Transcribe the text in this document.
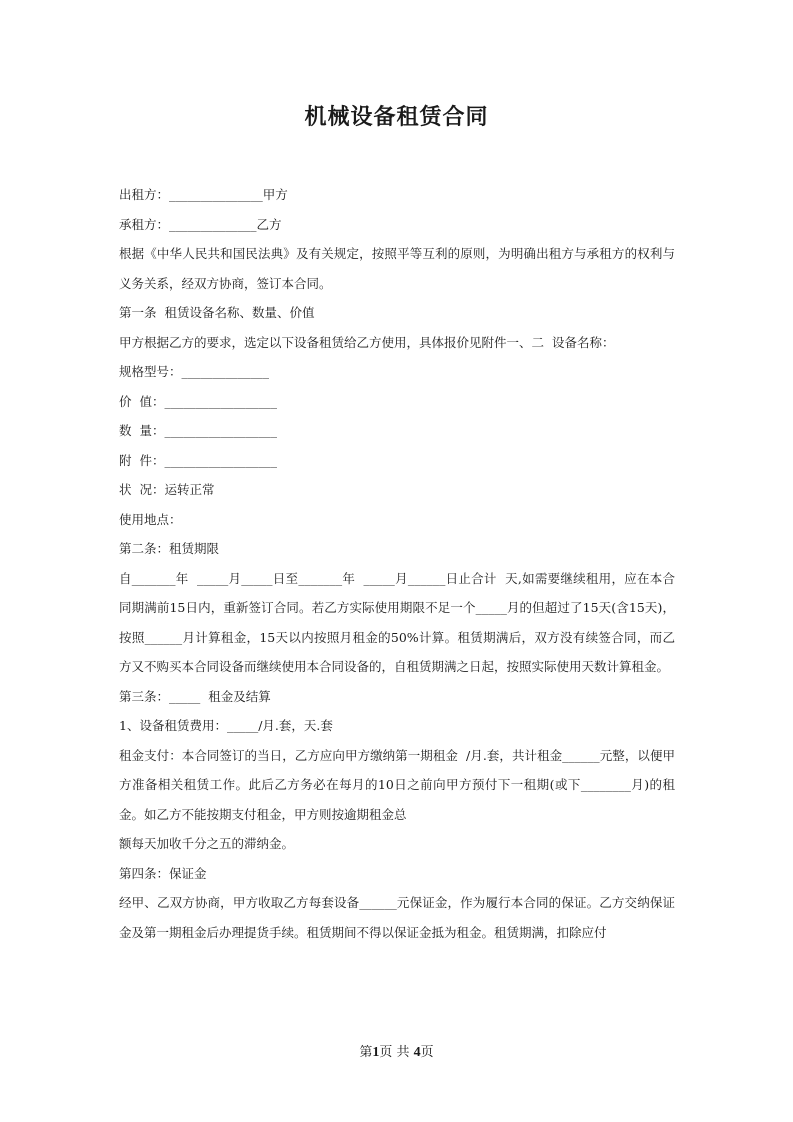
机械设备租赁合同

出租方：_______________甲方

承租方：______________乙方

根据《中华人民共和国民法典》及有关规定，按照平等互利的原则，为明确出租方与承租方的权利与义务关系，经双方协商，签订本合同。

第一条  租赁设备名称、数量、价值

甲方根据乙方的要求，选定以下设备租赁给乙方使用，具体报价见附件一、二  设备名称：

规格型号：______________

价  值：__________________

数  量：__________________

附  件：__________________

状  况：运转正常

使用地点：

第二条：租赁期限

自_______年  _____月_____日至_______年  _____月______日止合计  天,如需要继续租用，应在本合同期满前15日内，重新签订合同。若乙方实际使用期限不足一个_____月的但超过了15天(含15天)，按照______月计算租金，15天以内按照月租金的50%计算。租赁期满后，双方没有续签合同，而乙方又不购买本合同设备而继续使用本合同设备的，自租赁期满之日起，按照实际使用天数计算租金。

第三条：_____  租金及结算

1、设备租赁费用：_____/月.套，天.套

租金支付：本合同签订的当日，乙方应向甲方缴纳第一期租金  /月.套，共计租金______元整，以便甲方准备相关租赁工作。此后乙方务必在每月的10日之前向甲方预付下一租期(或下________月)的租金。如乙方不能按期支付租金，甲方则按逾期租金总

额每天加收千分之五的滞纳金。

第四条：保证金

经甲、乙双方协商，甲方收取乙方每套设备______元保证金，作为履行本合同的保证。乙方交纳保证金及第一期租金后办理提货手续。租赁期间不得以保证金抵为租金。租赁期满，扣除应付

第1页 共 4页
